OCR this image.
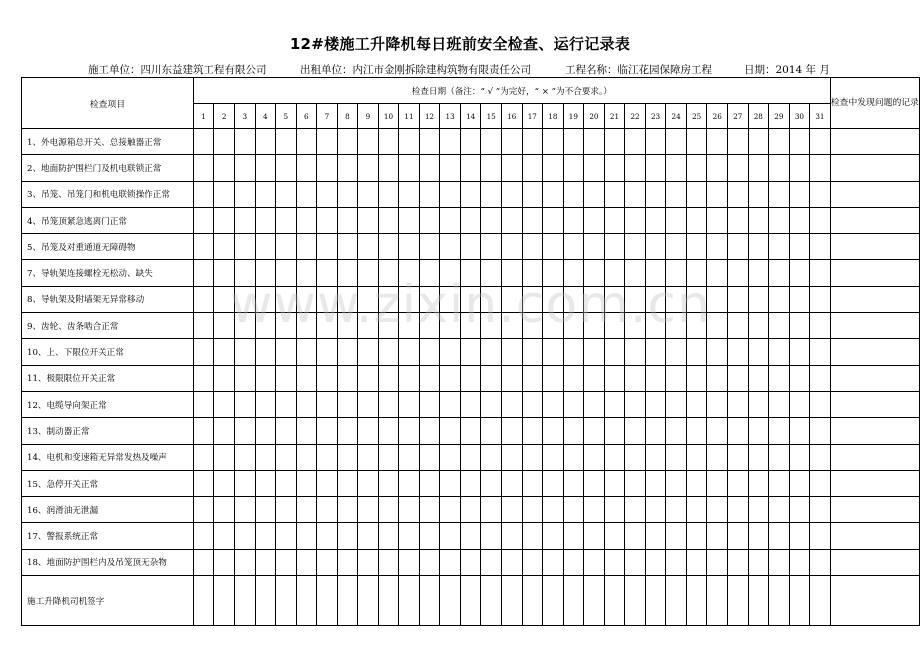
12#楼施工升降机每日班前安全检查、运行记录表
施工单位：四川东益建筑工程有限公司	出租单位：内江市金刚拆除建构筑物有限责任公司	工程名称：临江花园保障房工程	日期：2014 年 月
检查项目	检查日期（备注：“ √ ”为完好，“ × ”为不合要求。）																															检查中发现问题的记录
	1	2	3	4	5	6	7	8	9	10	11	12	13	14	15	16	17	18	19	20	21	22	23	24	25	26	27	28	29	30	31	
1、外电源箱总开关、总接触器正常																																
2、地面防护围栏门及机电联锁正常																																
3、吊笼、吊笼门和机电联锁操作正常																																
4、吊笼顶紧急逃离门正常																																
5、吊笼及对重通道无障碍物																																
7、导轨架连接螺栓无松动、缺失																																
8、导轨架及附墙架无异常移动																																
9、齿轮、齿条啮合正常																																
10、上、下限位开关正常																																
11、极限限位开关正常																																
12、电缆导向架正常																																
13、制动器正常																																
14、电机和变速箱无异常发热及噪声																																
15、急停开关正常																																
16、润滑油无泄漏																																
17、警报系统正常																																
18、地面防护围栏内及吊笼顶无杂物																																
施工升降机司机签字																																
www.zixin.com.cn
